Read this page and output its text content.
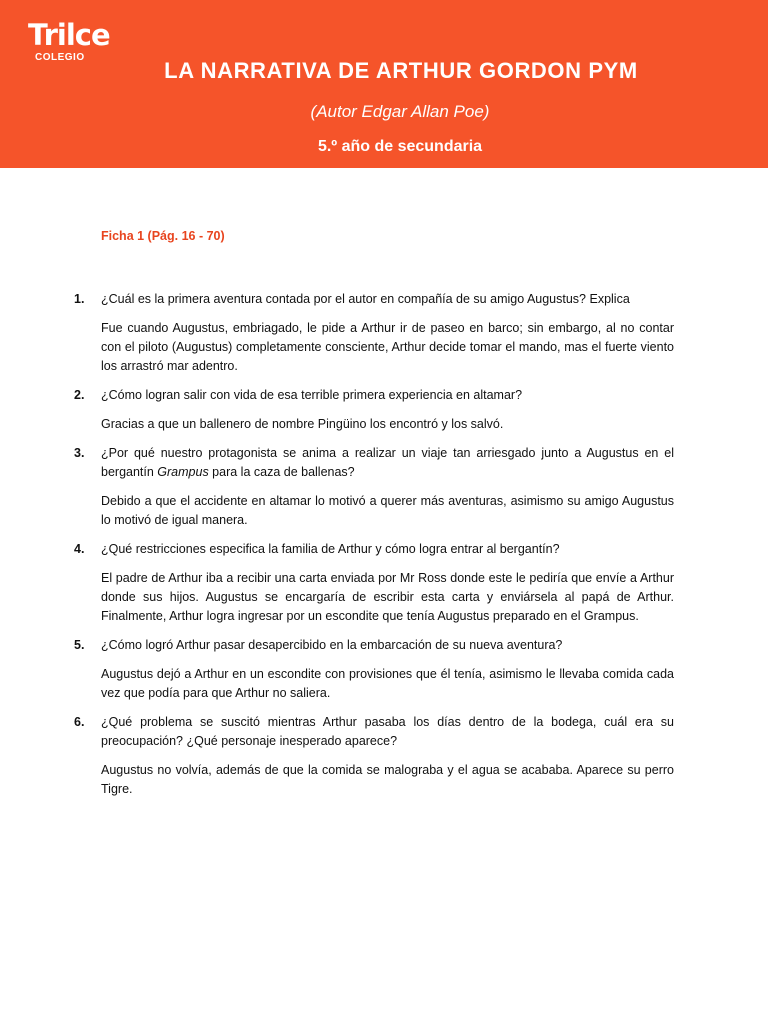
Trilce
COLEGIO
LA NARRATIVA DE ARTHUR GORDON PYM
(Autor Edgar Allan Poe)
5.º año de secundaria
Ficha 1 (Pág. 16 - 70)
1. ¿Cuál es la primera aventura contada por el autor en compañía de su amigo Augustus? Explica

Fue cuando Augustus, embriagado, le pide a Arthur ir de paseo en barco; sin embargo, al no contar con el piloto (Augustus) completamente consciente, Arthur decide tomar el mando, mas el fuerte viento los arrastró mar adentro.

2. ¿Cómo logran salir con vida de esa terrible primera experiencia en altamar?

Gracias a que un ballenero de nombre Pingüino los encontró y los salvó.

3. ¿Por qué nuestro protagonista se anima a realizar un viaje tan arriesgado junto a Augustus en el bergantín Grampus para la caza de ballenas?

Debido a que el accidente en altamar lo motivó a querer más aventuras, asimismo su amigo Augustus lo motivó de igual manera.

4. ¿Qué restricciones especifica la familia de Arthur y cómo logra entrar al bergantín?

El padre de Arthur iba a recibir una carta enviada por Mr Ross donde este le pediría que envíe a Arthur donde sus hijos. Augustus se encargaría de escribir esta carta y enviársela al papá de Arthur. Finalmente, Arthur logra ingresar por un escondite que tenía Augustus preparado en el Grampus.

5. ¿Cómo logró Arthur pasar desapercibido en la embarcación de su nueva aventura?

Augustus dejó a Arthur en un escondite con provisiones que él tenía, asimismo le llevaba comida cada vez que podía para que Arthur no saliera.

6. ¿Qué problema se suscitó mientras Arthur pasaba los días dentro de la bodega, cuál era su preocupación? ¿Qué personaje inesperado aparece?

Augustus no volvía, además de que la comida se malograba y el agua se acababa. Aparece su perro Tigre.
